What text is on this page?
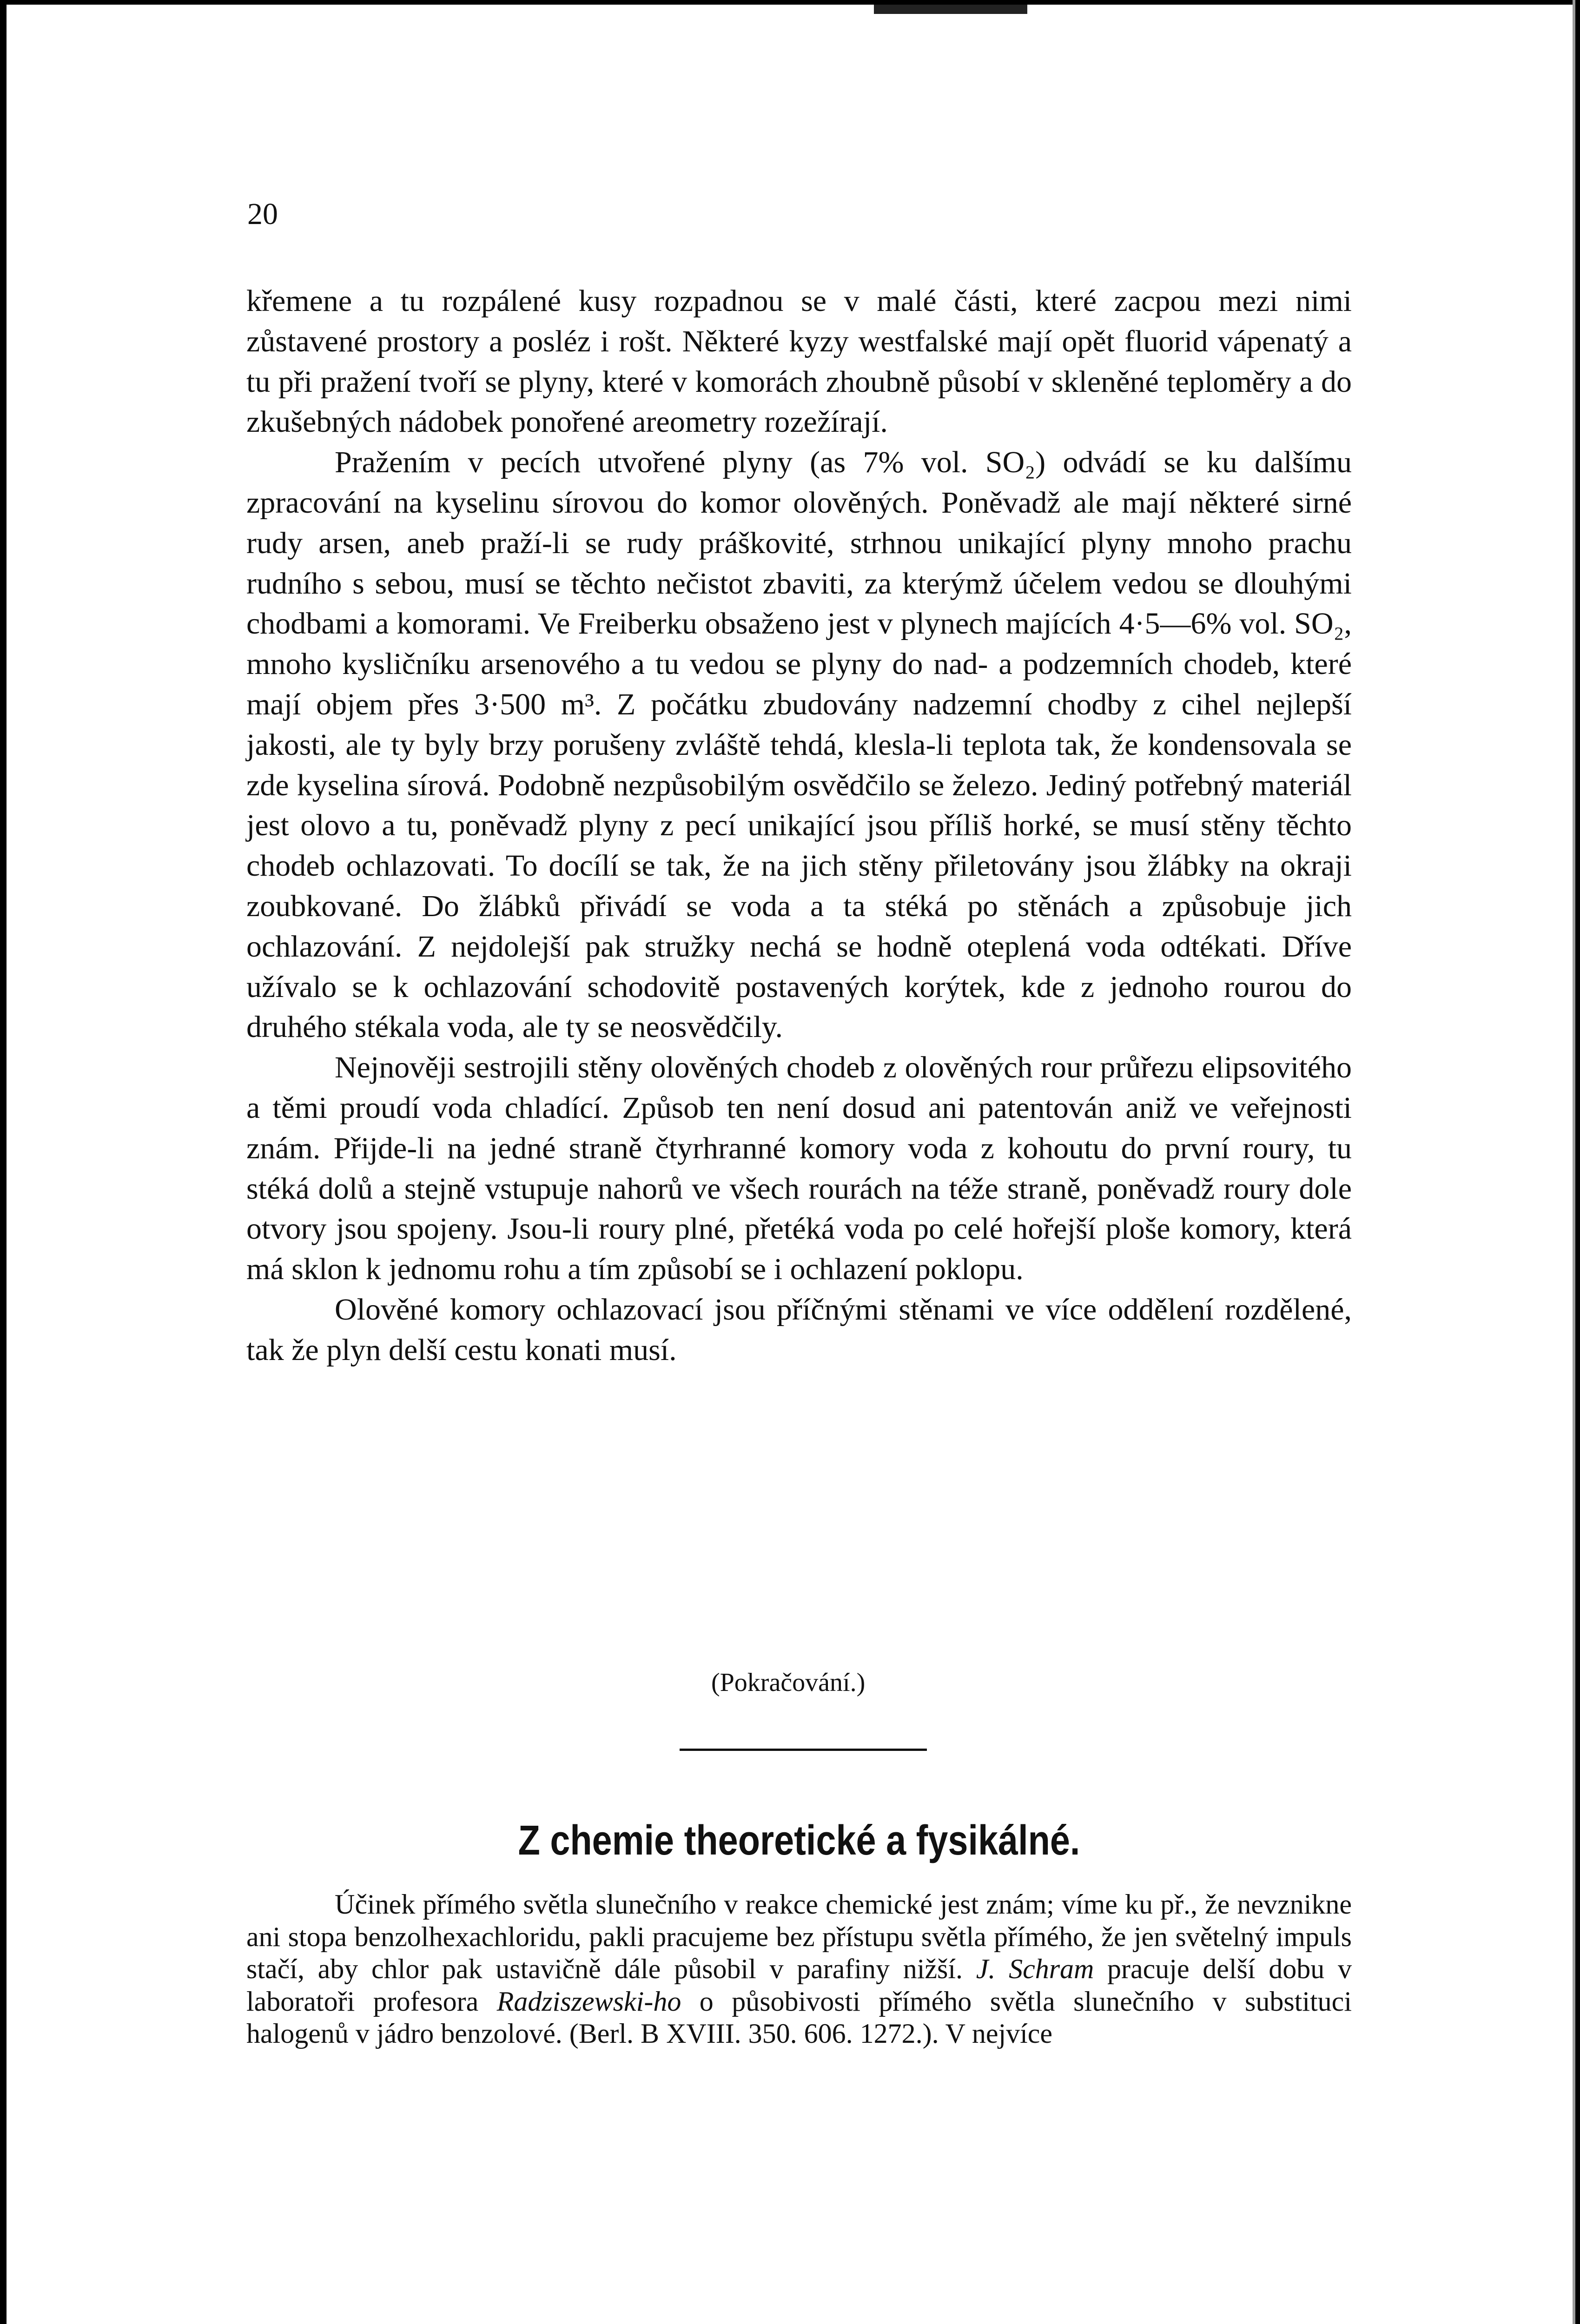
20

křemene a tu rozpálené kusy rozpadnou se v malé části, které zacpou mezi nimi zůstavené prostory a posléz i rošt. Některé kyzy westfalské mají opět fluorid vápenatý a tu při pražení tvoří se plyny, které v komorách zhoubně působí v skleněné teploměry a do zkušebných nádobek ponořené areometry rozežírají.

Pražením v pecích utvořené plyny (as 7% vol. SO₂) odvádí se ku dalšímu zpracování na kyselinu sírovou do komor olověných. Poněvadž ale mají některé sirné rudy arsen, aneb praží-li se rudy práškovité, strhnou unikající plyny mnoho prachu rudního s sebou, musí se těchto nečistot zbaviti, za kterýmž účelem vedou se dlouhými chodbami a komorami. Ve Freiberku obsaženo jest v plynech majících 4·5—6% vol. SO₂, mnoho kysličníku arsenového a tu vedou se plyny do nad- a podzemních chodeb, které mají objem přes 3·500 m³. Z počátku zbudovány nadzemní chodby z cihel nejlepší jakosti, ale ty byly brzy porušeny zvláště tehdá, klesla-li teplota tak, že kondensovala se zde kyselina sírová. Podobně nezpůsobilým osvědčilo se železo. Jediný potřebný materiál jest olovo a tu, poněvadž plyny z pecí unikající jsou příliš horké, se musí stěny těchto chodeb ochlazovati. To docílí se tak, že na jich stěny přiletovány jsou žlábky na okraji zoubkované. Do žlábků přivádí se voda a ta stéká po stěnách a způsobuje jich ochlazování. Z nejdolejší pak stružky nechá se hodně oteplená voda odtékati. Dříve užívalo se k ochlazování schodovitě postavených korýtek, kde z jednoho rourou do druhého stékala voda, ale ty se neosvědčily.

Nejnověji sestrojili stěny olověných chodeb z olověných rour průřezu elipsovitého a těmi proudí voda chladící. Způsob ten není dosud ani patentován aniž ve veřejnosti znám. Přijde-li na jedné straně čtyrhranné komory voda z kohoutu do první roury, tu stéká dolů a stejně vstupuje nahorů ve všech rourách na téže straně, poněvadž roury dole otvory jsou spojeny. Jsou-li roury plné, přetéká voda po celé hořejší ploše komory, která má sklon k jednomu rohu a tím způsobí se i ochlazení poklopu.

Olověné komory ochlazovací jsou příčnými stěnami ve více oddělení rozdělené, tak že plyn delší cestu konati musí.

(Pokračování.)
Z chemie theoretické a fysikálné.

Účinek přímého světla slunečního v reakce chemické jest znám; víme ku př., že nevznikne ani stopa benzolhexachloridu, pakli pracujeme bez přístupu světla přímého, že jen světelný impuls stačí, aby chlor pak ustavičně dále působil v parafiny nižší. J. Schram pracuje delší dobu v laboratoři profesora Radziszewski-ho o působivosti přímého světla slunečního v substituci halogenů v jádro benzolové. (Berl. B XVIII. 350. 606. 1272.). V nejvíce
